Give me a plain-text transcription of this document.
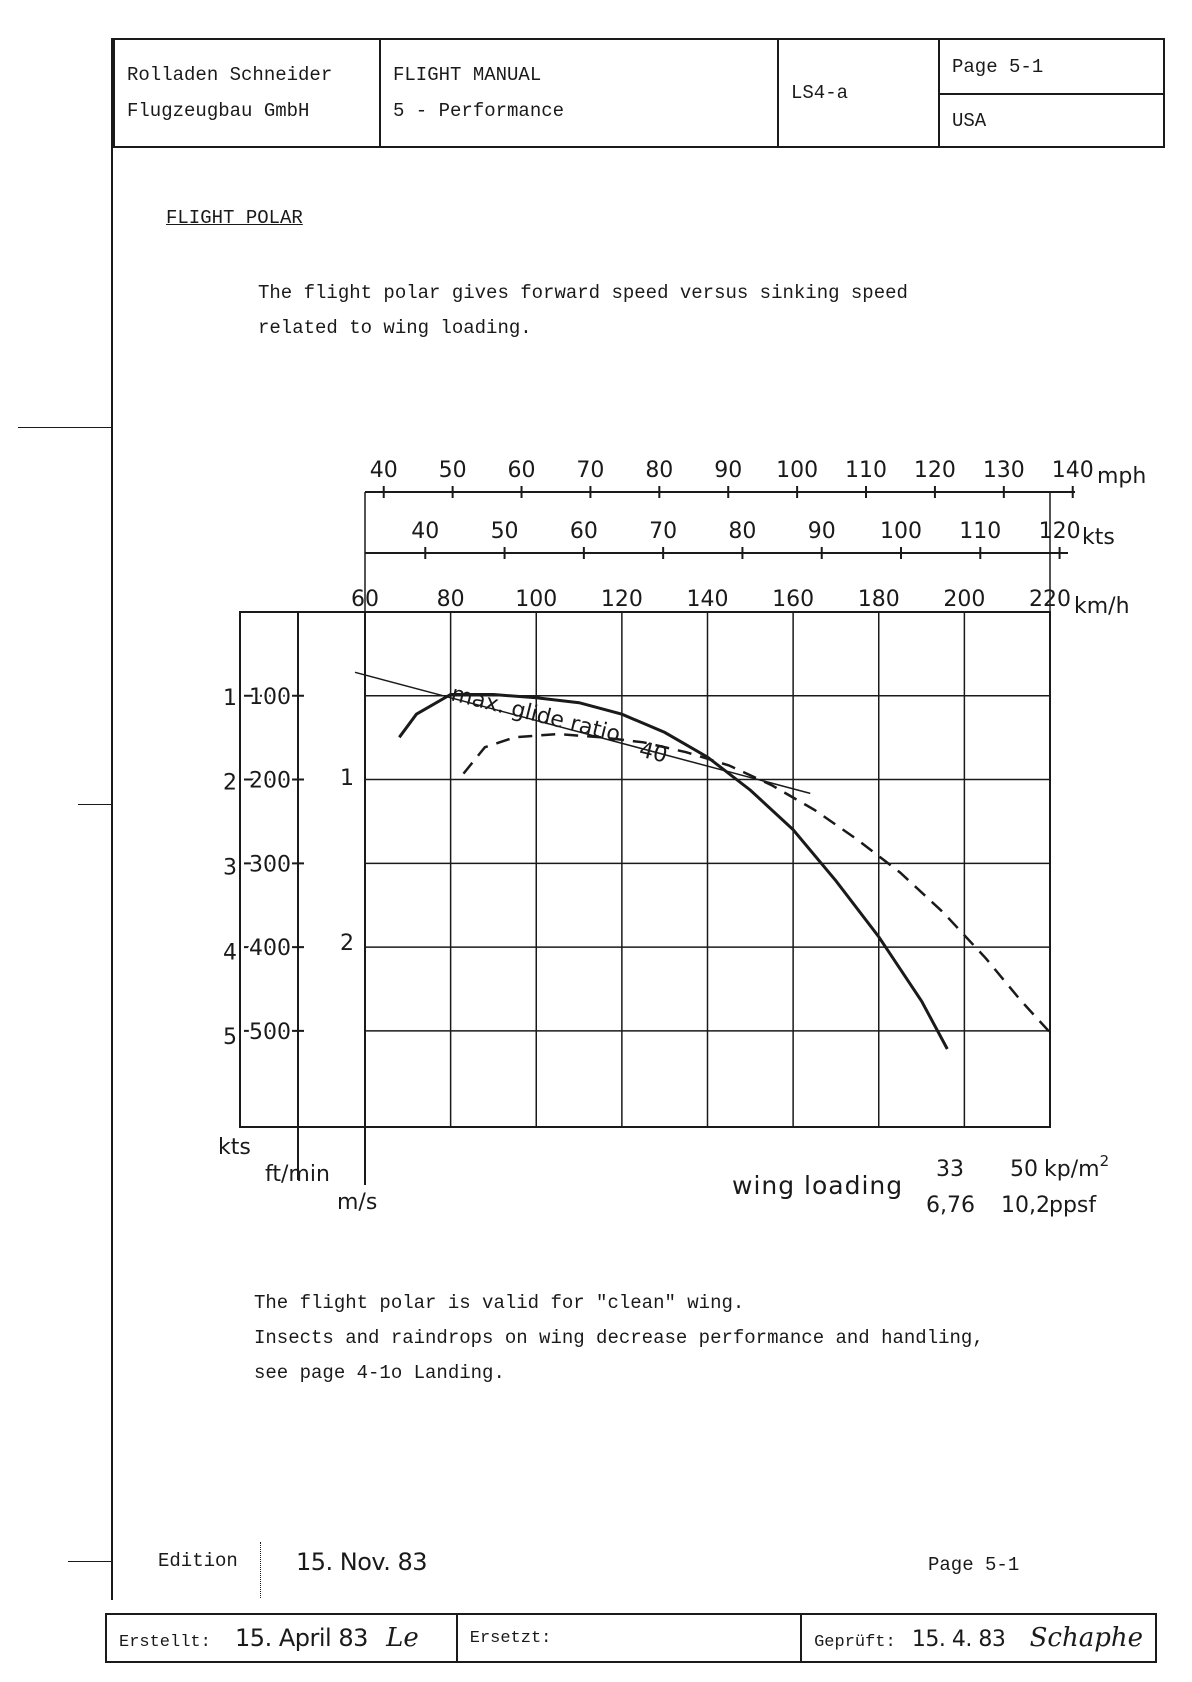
Rolladen Schneider
Flugzeugbau GmbH

FLIGHT MANUAL
5 - Performance
	LS4-a	Page 5-1
USA
FLIGHT POLAR
The flight polar gives forward speed versus sinking speed
related to wing loading.
40 50 60 70 80 90 100 110 120 130 140 mph
40 50 60 70 80 90 100 110 120 kts
60	80 100 120 140 160 180 200 220 km/h
1
2
3
4
5
100
200
300
400
500
1
2
kts
ft/min
m/s
max. glide ratio
40
wing loading
33 50 $kp/m^2$
6,76 10,2 ppsf
The flight polar is valid for "clean" wing.
Insects and raindrops on wing decrease performance and handling,
see page 4-1o Landing.
Edition 15. Nov. 83	Page 5-1
Erstellt: 15. April 83 Le	Ersetzt:	Geprüft: 15. 4. 83 Schaphe
